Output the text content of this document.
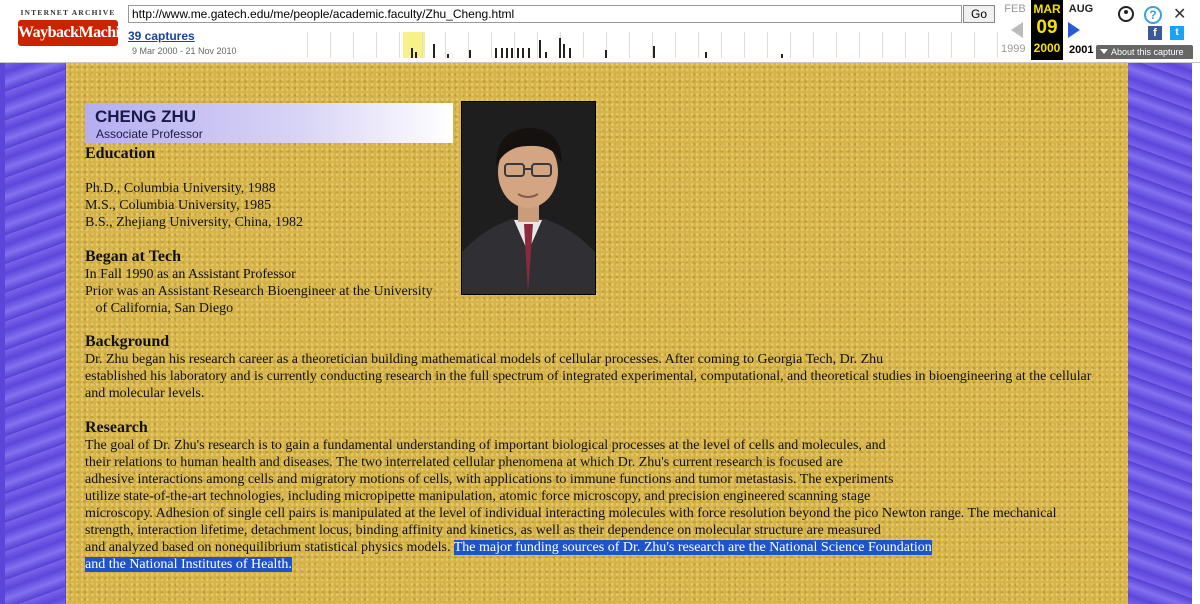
INTERNET ARCHIVE
WaybackMachine
http://www.me.gatech.edu/me/people/academic.faculty/Zhu_Cheng.html
Go
39 captures
9 Mar 2000 - 21 Nov 2010
FEB
1999
MAR
09
2000
AUG
2001
?	✕
f	t
About this capture
CHENG ZHU
Associate Professor
Education
Ph.D., Columbia University, 1988
M.S., Columbia University, 1985
B.S., Zhejiang University, China, 1982
Began at Tech
In Fall 1990 as an Assistant Professor
Prior was an Assistant Research Bioengineer at the University
of California, San Diego
Background
Dr. Zhu began his research career as a theoretician building mathematical models of cellular processes. After coming to Georgia Tech, Dr. Zhu
established his laboratory and is currently conducting research in the full spectrum of integrated experimental, computational, and theoretical studies in bioengineering at the cellular
and molecular levels.
Research
The goal of Dr. Zhu's research is to gain a fundamental understanding of important biological processes at the level of cells and molecules, and
their relations to human health and diseases. The two interrelated cellular phenomena at which Dr. Zhu's current research is focused are
adhesive interactions among cells and migratory motions of cells, with applications to immune functions and tumor metastasis. The experiments
utilize state-of-the-art technologies, including micropipette manipulation, atomic force microscopy, and precision engineered scanning stage
microscopy. Adhesion of single cell pairs is manipulated at the level of individual interacting molecules with force resolution beyond the pico Newton range. The mechanical
strength, interaction lifetime, detachment locus, binding affinity and kinetics, as well as their dependence on molecular structure are measured
and analyzed based on nonequilibrium statistical physics models. The major funding sources of Dr. Zhu's research are the National Science Foundation
and the National Institutes of Health.
